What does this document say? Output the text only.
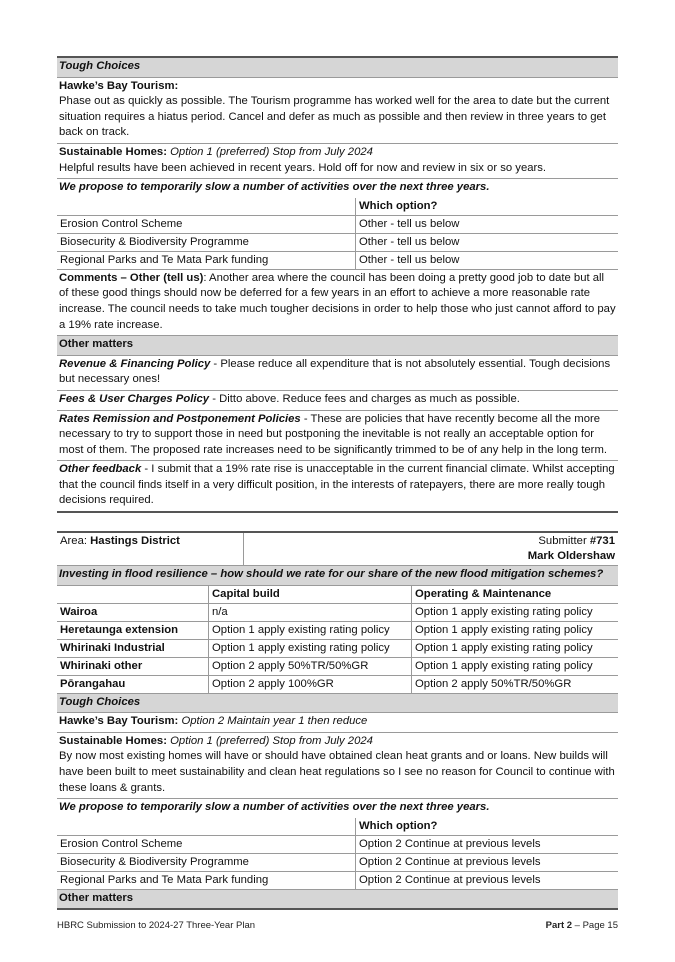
Tough Choices
Hawke’s Bay Tourism:
Phase out as quickly as possible. The Tourism programme has worked well for the area to date but the current situation requires a hiatus period. Cancel and defer as much as possible and then review in three years to get back on track.
Sustainable Homes: Option 1 (preferred) Stop from July 2024
Helpful results have been achieved in recent years. Hold off for now and review in six or so years.
We propose to temporarily slow a number of activities over the next three years.
	Which option?
Erosion Control Scheme	Other - tell us below
Biosecurity & Biodiversity Programme	Other - tell us below
Regional Parks and Te Mata Park funding	Other - tell us below
Comments – Other (tell us): Another area where the council has been doing a pretty good job to date but all of these good things should now be deferred for a few years in an effort to achieve a more reasonable rate increase. The council needs to take much tougher decisions in order to help those who just cannot afford to pay a 19% rate increase.
Other matters
Revenue & Financing Policy - Please reduce all expenditure that is not absolutely essential. Tough decisions but necessary ones!
Fees & User Charges Policy - Ditto above. Reduce fees and charges as much as possible.
Rates Remission and Postponement Policies - These are policies that have recently become all the more necessary to try to support those in need but postponing the inevitable is not really an acceptable option for most of them. The proposed rate increases need to be significantly trimmed to be of any help in the long term.
Other feedback - I submit that a 19% rate rise is unacceptable in the current financial climate. Whilst accepting that the council finds itself in a very difficult position, in the interests of ratepayers, there are more really tough decisions required.
Area: Hastings District	Submitter #731
Mark Oldershaw
Investing in flood resilience – how should we rate for our share of the new flood mitigation schemes?
	Capital build	Operating & Maintenance
Wairoa	n/a	Option 1 apply existing rating policy
Heretaunga extension	Option 1 apply existing rating policy	Option 1 apply existing rating policy
Whirinaki Industrial	Option 1 apply existing rating policy	Option 1 apply existing rating policy
Whirinaki other	Option 2 apply 50%TR/50%GR	Option 1 apply existing rating policy
Pōrangahau	Option 2 apply 100%GR	Option 2 apply 50%TR/50%GR
Tough Choices
Hawke’s Bay Tourism: Option 2 Maintain year 1 then reduce
Sustainable Homes: Option 1 (preferred) Stop from July 2024
By now most existing homes will have or should have obtained clean heat grants and or loans. New builds will have been built to meet sustainability and clean heat regulations so I see no reason for Council to continue with these loans & grants.
We propose to temporarily slow a number of activities over the next three years.
	Which option?
Erosion Control Scheme	Option 2 Continue at previous levels
Biosecurity & Biodiversity Programme	Option 2 Continue at previous levels
Regional Parks and Te Mata Park funding	Option 2 Continue at previous levels
Other matters
HBRC Submission to 2024-27 Three-Year Plan	Part 2 – Page 15
